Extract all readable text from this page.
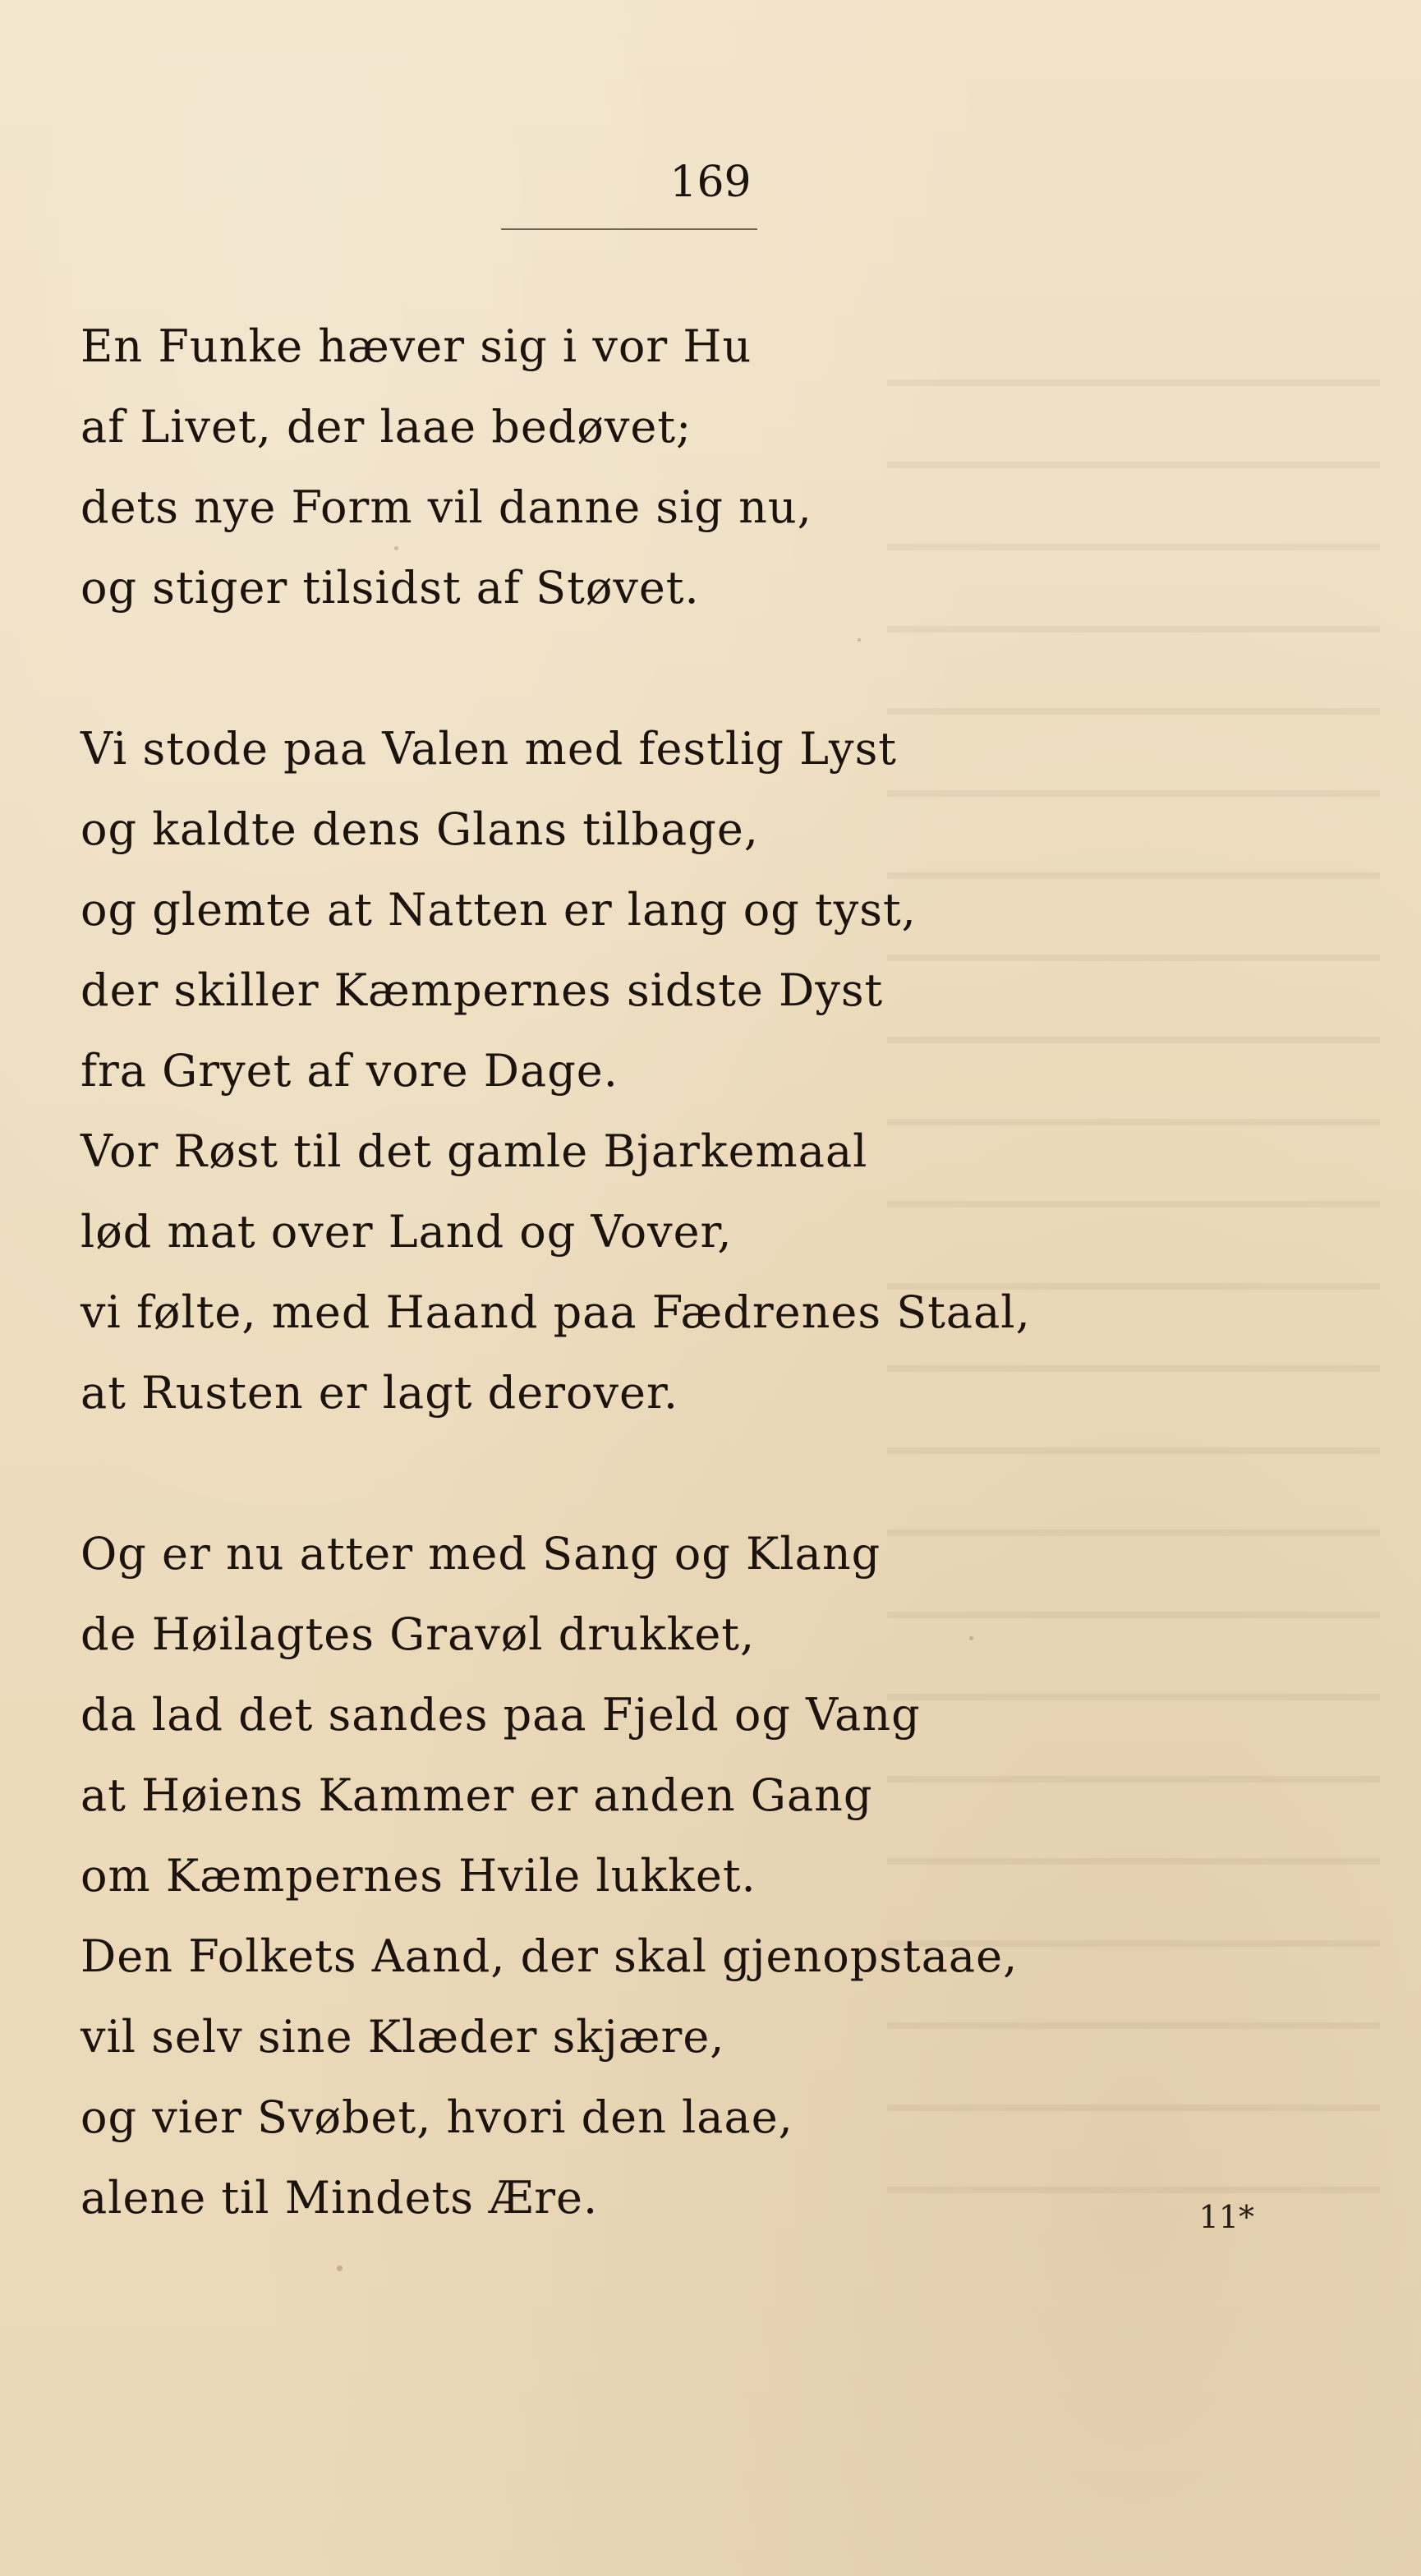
169
En Funke hæver sig i vor Hu
af Livet, der laae bedøvet;
dets nye Form vil danne sig nu,
og stiger tilsidst af Støvet.
Vi stode paa Valen med festlig Lyst
og kaldte dens Glans tilbage,
og glemte at Natten er lang og tyst,
der skiller Kæmpernes sidste Dyst
fra Gryet af vore Dage.
Vor Røst til det gamle Bjarkemaal
lød mat over Land og Vover,
vi følte, med Haand paa Fædrenes Staal,
at Rusten er lagt derover.
Og er nu atter med Sang og Klang
de Høilagtes Gravøl drukket,
da lad det sandes paa Fjeld og Vang
at Høiens Kammer er anden Gang
om Kæmpernes Hvile lukket.
Den Folkets Aand, der skal gjenopstaae,
vil selv sine Klæder skjære,
og vier Svøbet, hvori den laae,
alene til Mindets Ære.	11*
